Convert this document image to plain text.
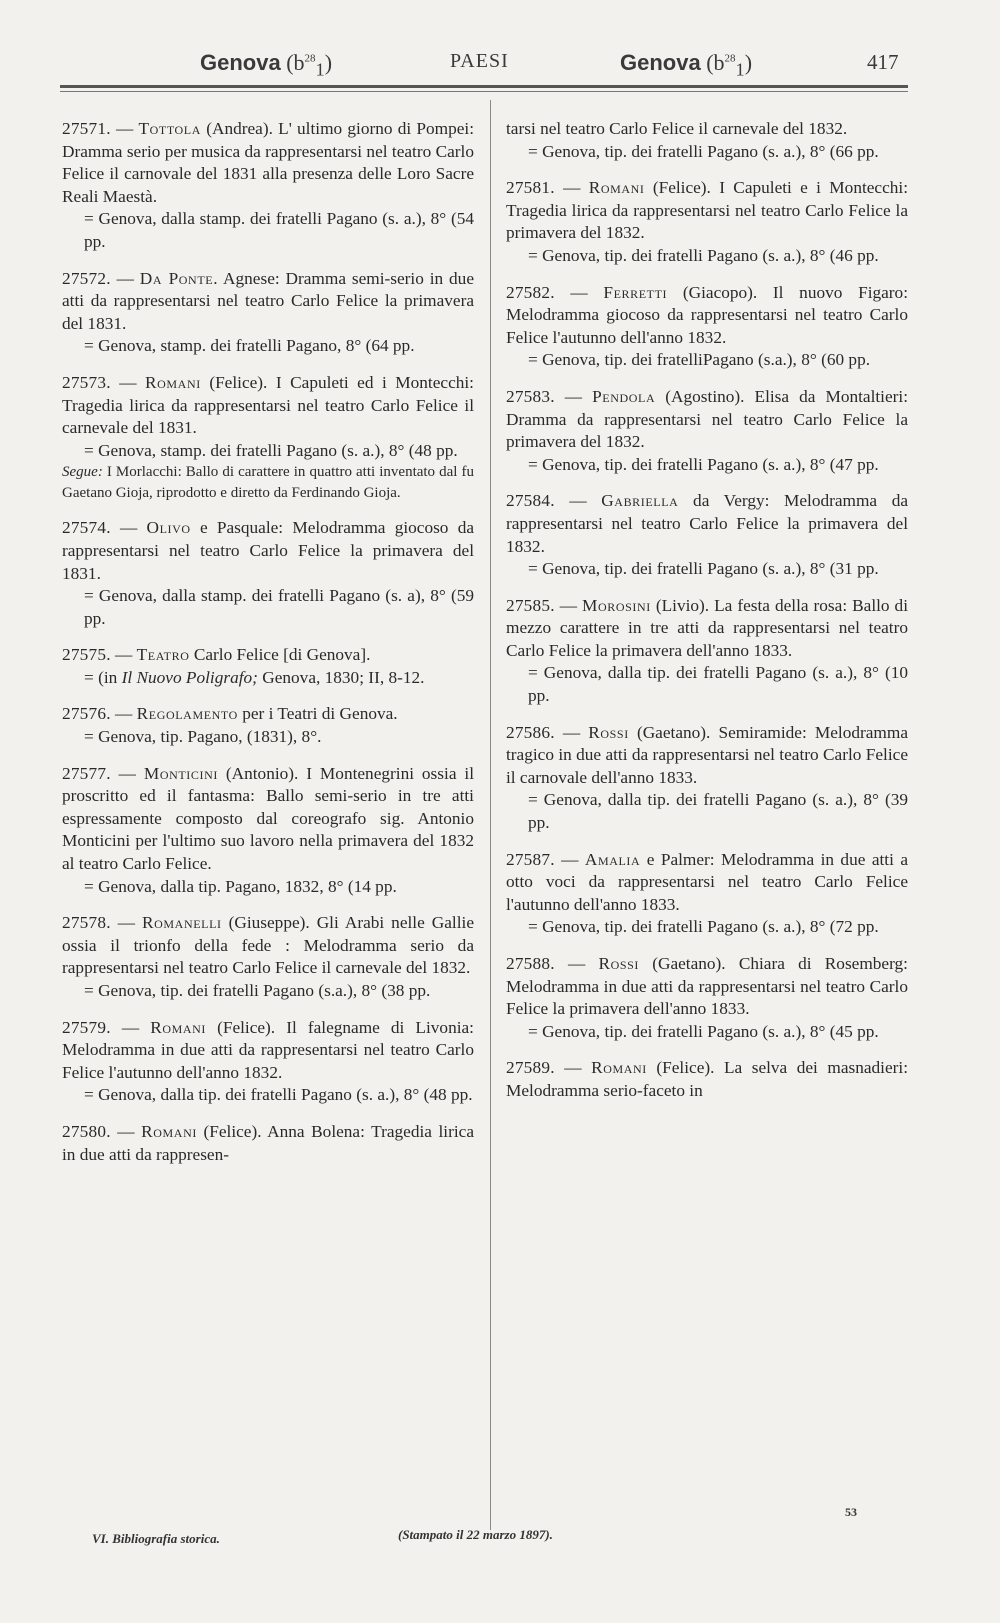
Genova $(b^{28}_1)$	PAESI	Genova $(b^{28}_1)$	417

27571. — Tottola (Andrea). L' ultimo giorno di Pompei: Dramma serio per musica da rappresentarsi nel teatro Carlo Felice il carnovale del 1831 alla presenza delle Loro Sacre Reali Maestà.

= Genova, dalla stamp. dei fratelli Pagano (s. a.), 8° (54 pp.

27572. — Da Ponte. Agnese: Dramma semi-serio in due atti da rappresentarsi nel teatro Carlo Felice la primavera del 1831.

= Genova, stamp. dei fratelli Pagano, 8° (64 pp.

27573. — Romani (Felice). I Capuleti ed i Montecchi: Tragedia lirica da rappresentarsi nel teatro Carlo Felice il carnevale del 1831.

= Genova, stamp. dei fratelli Pagano (s. a.), 8° (48 pp.

Segue: I Morlacchi: Ballo di carattere in quattro atti inventato dal fu Gaetano Gioja, riprodotto e diretto da Ferdinando Gioja.

27574. — Olivo e Pasquale: Melodramma giocoso da rappresentarsi nel teatro Carlo Felice la primavera del 1831.

= Genova, dalla stamp. dei fratelli Pagano (s. a), 8° (59 pp.

27575. — Teatro Carlo Felice [di Genova].

= (in Il Nuovo Poligrafo; Genova, 1830; II, 8-12.

27576. — Regolamento per i Teatri di Genova.

= Genova, tip. Pagano, (1831), 8°.

27577. — Monticini (Antonio). I Montenegrini ossia il proscritto ed il fantasma: Ballo semi-serio in tre atti espressamente composto dal coreografo sig. Antonio Monticini per l'ultimo suo lavoro nella primavera del 1832 al teatro Carlo Felice.

= Genova, dalla tip. Pagano, 1832, 8° (14 pp.

27578. — Romanelli (Giuseppe). Gli Arabi nelle Gallie ossia il trionfo della fede : Melodramma serio da rappresentarsi nel teatro Carlo Felice il carnevale del 1832.

= Genova, tip. dei fratelli Pagano (s.a.), 8° (38 pp.

27579. — Romani (Felice). Il falegname di Livonia: Melodramma in due atti da rappresentarsi nel teatro Carlo Felice l'autunno dell'anno 1832.

= Genova, dalla tip. dei fratelli Pagano (s. a.), 8° (48 pp.

27580. — Romani (Felice). Anna Bolena: Tragedia lirica in due atti da rappresen-

tarsi nel teatro Carlo Felice il carnevale del 1832.

= Genova, tip. dei fratelli Pagano (s. a.), 8° (66 pp.

27581. — Romani (Felice). I Capuleti e i Montecchi: Tragedia lirica da rappresentarsi nel teatro Carlo Felice la primavera del 1832.

= Genova, tip. dei fratelli Pagano (s. a.), 8° (46 pp.

27582. — Ferretti (Giacopo). Il nuovo Figaro: Melodramma giocoso da rappresentarsi nel teatro Carlo Felice l'autunno dell'anno 1832.

= Genova, tip. dei fratelliPagano (s.a.), 8° (60 pp.

27583. — Pendola (Agostino). Elisa da Montaltieri: Dramma da rappresentarsi nel teatro Carlo Felice la primavera del 1832.

= Genova, tip. dei fratelli Pagano (s. a.), 8° (47 pp.

27584. — Gabriella da Vergy: Melodramma da rappresentarsi nel teatro Carlo Felice la primavera del 1832.

= Genova, tip. dei fratelli Pagano (s. a.), 8° (31 pp.

27585. — Morosini (Livio). La festa della rosa: Ballo di mezzo carattere in tre atti da rappresentarsi nel teatro Carlo Felice la primavera dell'anno 1833.

= Genova, dalla tip. dei fratelli Pagano (s. a.), 8° (10 pp.

27586. — Rossi (Gaetano). Semiramide: Melodramma tragico in due atti da rappresentarsi nel teatro Carlo Felice il carnovale dell'anno 1833.

= Genova, dalla tip. dei fratelli Pagano (s. a.), 8° (39 pp.

27587. — Amalia e Palmer: Melodramma in due atti a otto voci da rappresentarsi nel teatro Carlo Felice l'autunno dell'anno 1833.

= Genova, tip. dei fratelli Pagano (s. a.), 8° (72 pp.

27588. — Rossi (Gaetano). Chiara di Rosemberg: Melodramma in due atti da rappresentarsi nel teatro Carlo Felice la primavera dell'anno 1833.

= Genova, tip. dei fratelli Pagano (s. a.), 8° (45 pp.

27589. — Romani (Felice). La selva dei masnadieri: Melodramma serio-faceto in

VI. Bibliografia storica.	(Stampato il 22 marzo 1897).
53
